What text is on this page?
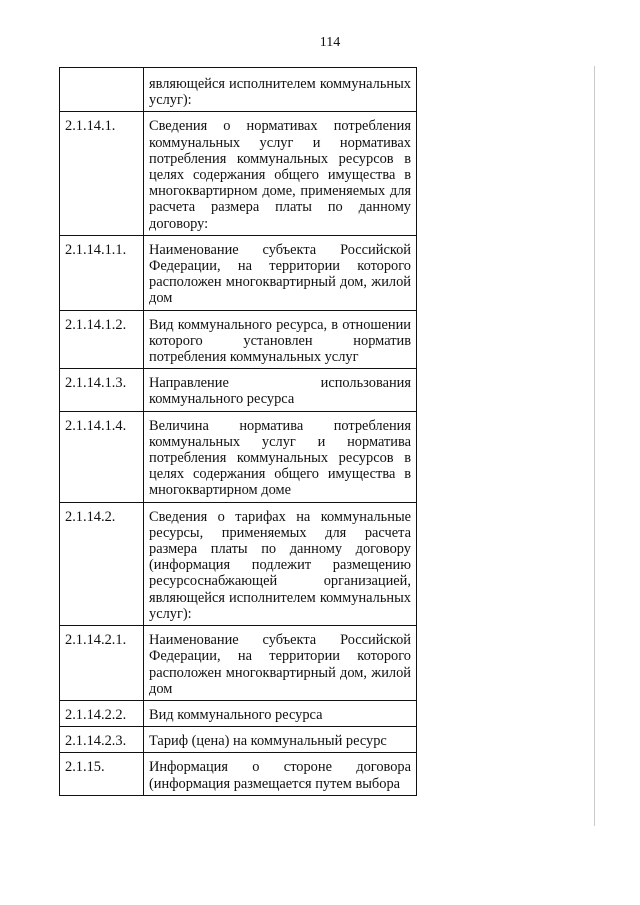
114
	являющейся исполнителем коммунальных услуг):
2.1.14.1.	Сведения о нормативах потребления коммунальных услуг и нормативах потребления коммунальных ресурсов в целях содержания общего имущества в многоквартирном доме, применяемых для расчета размера платы по данному договору:
2.1.14.1.1.	Наименование субъекта Российской Федерации, на территории которого расположен многоквартирный дом, жилой дом
2.1.14.1.2.	Вид коммунального ресурса, в отношении которого установлен норматив потребления коммунальных услуг
2.1.14.1.3.	Направление использования коммунального ресурса
2.1.14.1.4.	Величина норматива потребления коммунальных услуг и норматива потребления коммунальных ресурсов в целях содержания общего имущества в многоквартирном доме
2.1.14.2.	Сведения о тарифах на коммунальные ресурсы, применяемых для расчета размера платы по данному договору (информация подлежит размещению ресурсоснабжающей организацией, являющейся исполнителем коммунальных услуг):
2.1.14.2.1.	Наименование субъекта Российской Федерации, на территории которого расположен многоквартирный дом, жилой дом
2.1.14.2.2.	Вид коммунального ресурса
2.1.14.2.3.	Тариф (цена) на коммунальный ресурс
2.1.15.	Информация о стороне договора (информация размещается путем выбора
